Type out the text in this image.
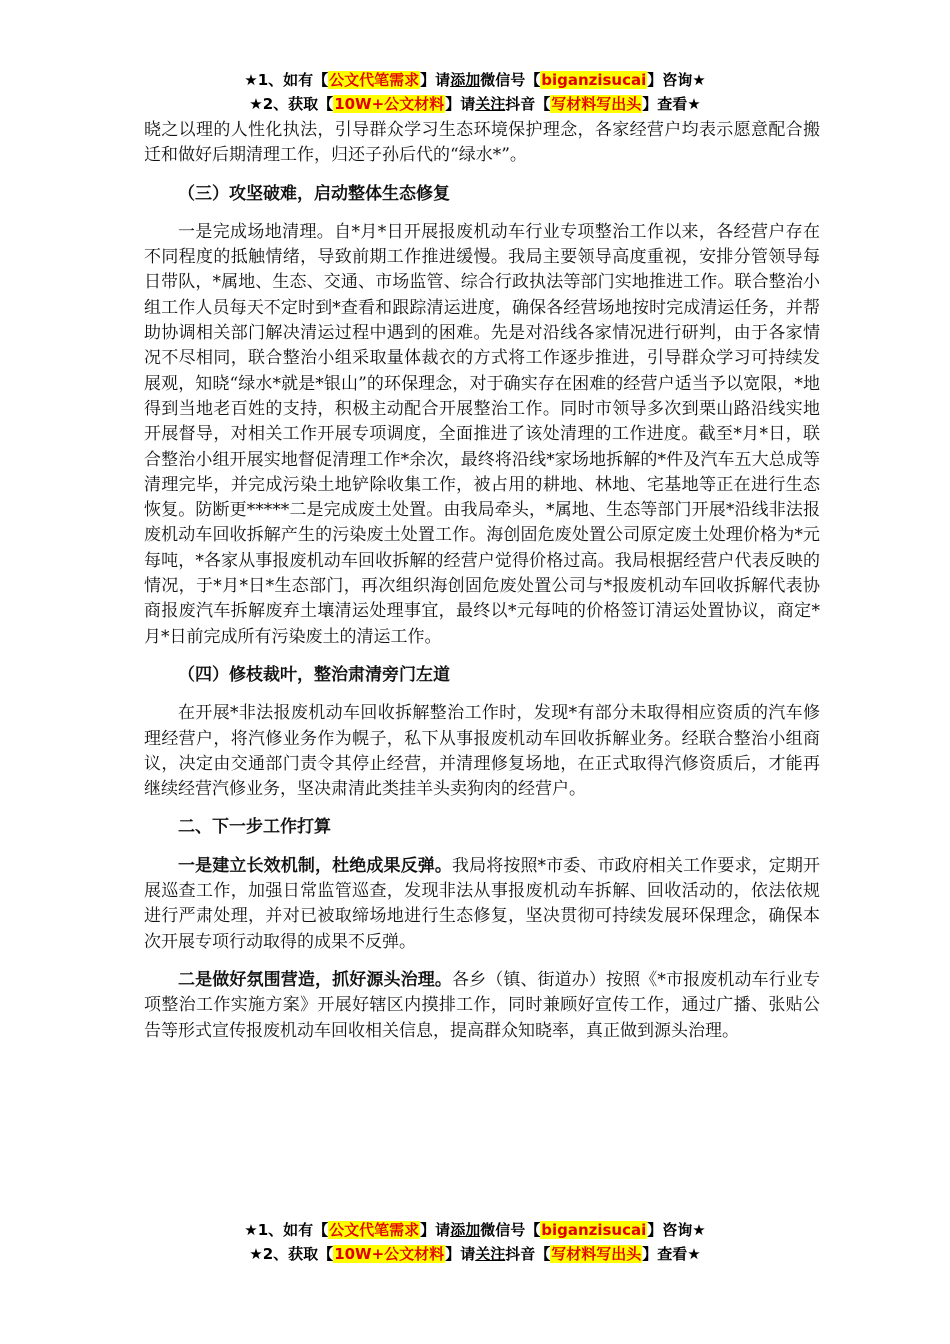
★1、如有【公文代笔需求】请添加微信号【biganzisucai】咨询★
★2、获取【10W+公文材料】请关注抖音【写材料写出头】查看★

晓之以理的人性化执法，引导群众学习生态环境保护理念，各家经营户均表示愿意配合搬迁和做好后期清理工作，归还子孙后代的“绿水*”。

（三）攻坚破难，启动整体生态修复

一是完成场地清理。自*月*日开展报废机动车行业专项整治工作以来，各经营户存在不同程度的抵触情绪，导致前期工作推进缓慢。我局主要领导高度重视，安排分管领导每日带队，*属地、生态、交通、市场监管、综合行政执法等部门实地推进工作。联合整治小组工作人员每天不定时到*查看和跟踪清运进度，确保各经营场地按时完成清运任务，并帮助协调相关部门解决清运过程中遇到的困难。先是对沿线各家情况进行研判，由于各家情况不尽相同，联合整治小组采取量体裁衣的方式将工作逐步推进，引导群众学习可持续发展观，知晓“绿水*就是*银山”的环保理念，对于确实存在困难的经营户适当予以宽限，*地得到当地老百姓的支持，积极主动配合开展整治工作。同时市领导多次到栗山路沿线实地开展督导，对相关工作开展专项调度，全面推进了该处清理的工作进度。截至*月*日，联合整治小组开展实地督促清理工作*余次，最终将沿线*家场地拆解的*件及汽车五大总成等清理完毕，并完成污染土地铲除收集工作，被占用的耕地、林地、宅基地等正在进行生态恢复。防断更*****二是完成废土处置。由我局牵头，*属地、生态等部门开展*沿线非法报废机动车回收拆解产生的污染废土处置工作。海创固危废处置公司原定废土处理价格为*元每吨，*各家从事报废机动车回收拆解的经营户觉得价格过高。我局根据经营户代表反映的情况，于*月*日*生态部门，再次组织海创固危废处置公司与*报废机动车回收拆解代表协商报废汽车拆解废弃土壤清运处理事宜，最终以*元每吨的价格签订清运处置协议，商定*月*日前完成所有污染废土的清运工作。

（四）修枝裁叶，整治肃清旁门左道

在开展*非法报废机动车回收拆解整治工作时，发现*有部分未取得相应资质的汽车修理经营户，将汽修业务作为幌子，私下从事报废机动车回收拆解业务。经联合整治小组商议，决定由交通部门责令其停止经营，并清理修复场地，在正式取得汽修资质后，才能再继续经营汽修业务，坚决肃清此类挂羊头卖狗肉的经营户。

二、下一步工作打算

一是建立长效机制，杜绝成果反弹。我局将按照*市委、市政府相关工作要求，定期开展巡查工作，加强日常监管巡查，发现非法从事报废机动车拆解、回收活动的，依法依规进行严肃处理，并对已被取缔场地进行生态修复，坚决贯彻可持续发展环保理念，确保本次开展专项行动取得的成果不反弹。

二是做好氛围营造，抓好源头治理。各乡（镇、街道办）按照《*市报废机动车行业专项整治工作实施方案》开展好辖区内摸排工作，同时兼顾好宣传工作，通过广播、张贴公告等形式宣传报废机动车回收相关信息，提高群众知晓率，真正做到源头治理。

★1、如有【公文代笔需求】请添加微信号【biganzisucai】咨询★
★2、获取【10W+公文材料】请关注抖音【写材料写出头】查看★
